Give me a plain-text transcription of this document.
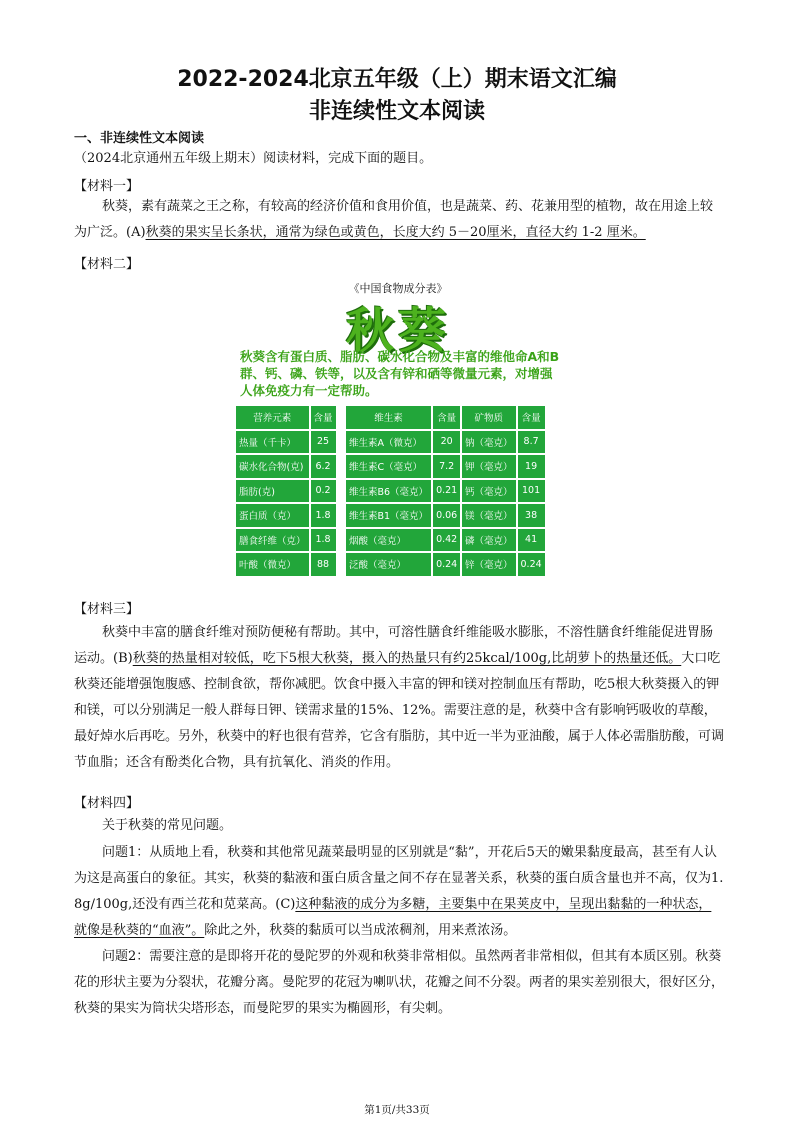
2022-2024北京五年级（上）期末语文汇编
非连续性文本阅读
一、非连续性文本阅读
（2024北京通州五年级上期末）阅读材料，完成下面的题目。
【材料一】
秋葵，素有蔬菜之王之称，有较高的经济价值和食用价值，也是蔬菜、药、花兼用型的植物，故在用途上较为广泛。(A)秋葵的果实呈长条状，通常为绿色或黄色，长度大约 5－20厘米，直径大约 1-2 厘米。
【材料二】
《中国食物成分表》
秋葵
秋葵含有蛋白质、脂肪、碳水化合物及丰富的维他命A和B群、钙、磷、铁等，以及含有锌和硒等微量元素，对增强人体免疫力有一定帮助。
营养元素	含量
热量（千卡）	25
碳水化合物(克)	6.2
脂肪(克)	0.2
蛋白质（克）	1.8
膳食纤维（克）	1.8
叶酸（微克）	88
维生素	含量
维生素A（微克）	20
维生素C（毫克）	7.2
维生素B6（毫克）	0.21
维生素B1（毫克）	0.06
烟酸（毫克）	0.42
泛酸（毫克）	0.24
矿物质	含量
钠（毫克）	8.7
钾（毫克）	19
钙（毫克）	101
镁（毫克）	38
磷（毫克）	41
锌（毫克）	0.24
【材料三】
秋葵中丰富的膳食纤维对预防便秘有帮助。其中，可溶性膳食纤维能吸水膨胀，不溶性膳食纤维能促进胃肠运动。(B)秋葵的热量相对较低，吃下5根大秋葵，摄入的热量只有约25kcal/100g,比胡萝卜的热量还低。大口吃秋葵还能增强饱腹感、控制食欲，帮你减肥。饮食中摄入丰富的钾和镁对控制血压有帮助，吃5根大秋葵摄入的钾和镁，可以分别满足一般人群每日钾、镁需求量的15%、12%。需要注意的是，秋葵中含有影响钙吸收的草酸，最好焯水后再吃。另外，秋葵中的籽也很有营养，它含有脂肪，其中近一半为亚油酸，属于人体必需脂肪酸，可调节血脂；还含有酚类化合物，具有抗氧化、消炎的作用。
【材料四】
关于秋葵的常见问题。
问题1：从质地上看，秋葵和其他常见蔬菜最明显的区别就是“黏”，开花后5天的嫩果黏度最高，甚至有人认为这是高蛋白的象征。其实，秋葵的黏液和蛋白质含量之间不存在显著关系，秋葵的蛋白质含量也并不高，仅为1. 8g/100g,还没有西兰花和苋菜高。(C)这种黏液的成分为多糖，主要集中在果荚皮中，呈现出黏黏的一种状态，就像是秋葵的“血液”。除此之外，秋葵的黏质可以当成浓稠剂，用来煮浓汤。
问题2：需要注意的是即将开花的曼陀罗的外观和秋葵非常相似。虽然两者非常相似，但其有本质区别。秋葵花的形状主要为分裂状，花瓣分离。曼陀罗的花冠为喇叭状，花瓣之间不分裂。两者的果实差别很大，很好区分，秋葵的果实为筒状尖塔形态，而曼陀罗的果实为椭圆形，有尖刺。
第1页/共33页
